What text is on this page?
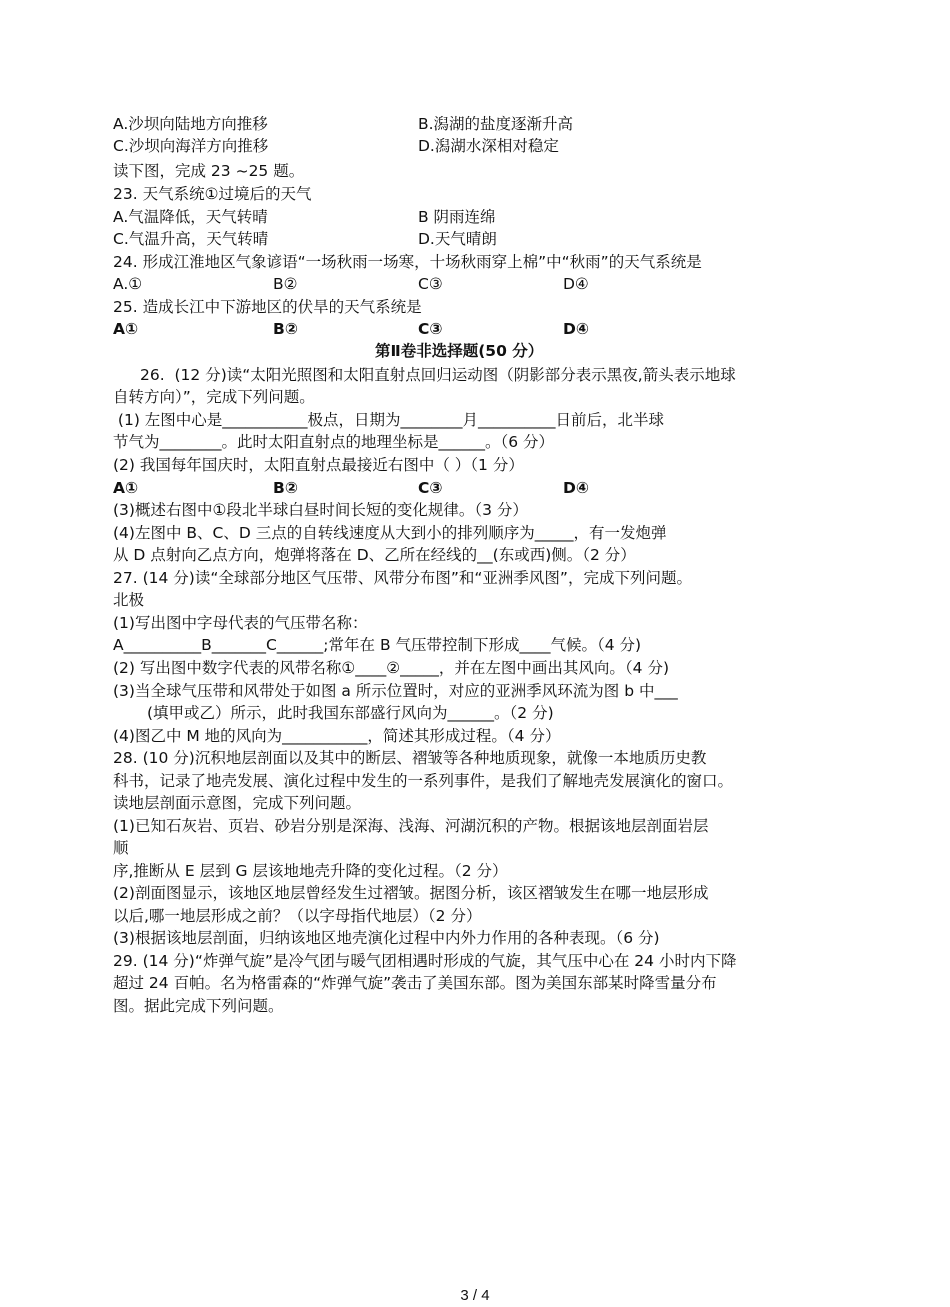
A.沙坝向陆地方向推移	B.潟湖的盐度逐渐升高
C.沙坝向海洋方向推移	D.潟湖水深相对稳定
读下图，完成 23 ~25 题。
23. 天气系统①过境后的天气
A.气温降低，天气转晴	B 阴雨连绵
C.气温升高，天气转晴	D.天气晴朗
24. 形成江淮地区气象谚语“一场秋雨一场寒，十场秋雨穿上棉”中“秋雨”的天气系统是
A.①	B②	C③	D④
25. 造成长江中下游地区的伏旱的天气系统是
A①	B②	C③	D④
第Ⅱ卷非选择题(50 分）
26.  (12 分)读“太阳光照图和太阳直射点回归运动图（阴影部分表示黑夜,箭头表示地球
自转方向）”，完成下列问题。
(1) 左图中心是___________极点，日期为________月__________日前后，北半球
节气为________。此时太阳直射点的地理坐标是______。（6 分）
(2) 我国每年国庆时，太阳直射点最接近右图中（ ）（1 分）
A①	B②	C③	D④
(3)概述右图中①段北半球白昼时间长短的变化规律。（3 分）
(4)左图中 B、C、D 三点的自转线速度从大到小的排列顺序为_____，有一发炮弹
从 D 点射向乙点方向，炮弹将落在 D、乙所在经线的__(东或西)侧。（2 分）
27. (14 分)读“全球部分地区气压带、风带分布图”和“亚洲季风图”，完成下列问题。
北极
(1)写出图中字母代表的气压带名称：
A__________B_______C______;常年在 B 气压带控制下形成____气候。（4 分)
(2) 写出图中数字代表的风带名称①____②_____，并在左图中画出其风向。（4 分)
(3)当全球气压带和风带处于如图 a 所示位置时，对应的亚洲季风环流为图 b 中___
(填甲或乙）所示，此时我国东部盛行风向为______。（2 分)
(4)图乙中 M 地的风向为___________，简述其形成过程。（4 分）
28. (10 分)沉积地层剖面以及其中的断层、褶皱等各种地质现象，就像一本地质历史教
科书，记录了地壳发展、演化过程中发生的一系列事件，是我们了解地壳发展演化的窗口。
读地层剖面示意图，完成下列问题。
(1)已知石灰岩、页岩、砂岩分别是深海、浅海、河湖沉积的产物。根据该地层剖面岩层
顺
序,推断从 E 层到 G 层该地地壳升降的变化过程。（2 分）
(2)剖面图显示，该地区地层曾经发生过褶皱。据图分析，该区褶皱发生在哪一地层形成
以后,哪一地层形成之前？（以字母指代地层）（2 分）
(3)根据该地层剖面，归纳该地区地壳演化过程中内外力作用的各种表现。（6 分)
29. (14 分)“炸弹气旋”是冷气团与暖气团相遇时形成的气旋，其气压中心在 24 小时内下降
超过 24 百帕。名为格雷森的“炸弹气旋”袭击了美国东部。图为美国东部某时降雪量分布
图。据此完成下列问题。
3 / 4
